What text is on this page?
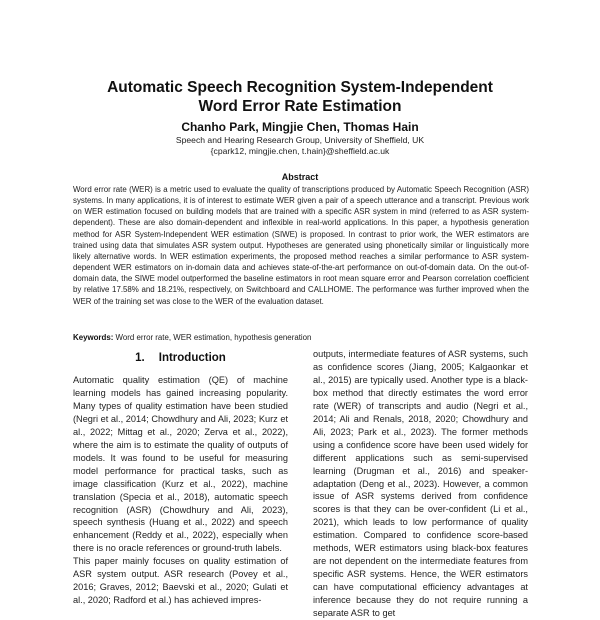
Automatic Speech Recognition System-Independent
Word Error Rate Estimation
Chanho Park, Mingjie Chen, Thomas Hain
Speech and Hearing Research Group, University of Sheffield, UK
{cpark12, mingjie.chen, t.hain}@sheffield.ac.uk
Abstract

Word error rate (WER) is a metric used to evaluate the quality of transcriptions produced by Automatic Speech Recognition (ASR) systems. In many applications, it is of interest to estimate WER given a pair of a speech utterance and a transcript. Previous work on WER estimation focused on building models that are trained with a specific ASR system in mind (referred to as ASR system-dependent). These are also domain-dependent and inflexible in real-world applications. In this paper, a hypothesis generation method for ASR System-Independent WER estimation (SIWE) is proposed. In contrast to prior work, the WER estimators are trained using data that simulates ASR system output. Hypotheses are generated using phonetically similar or linguistically more likely alternative words. In WER estimation experiments, the proposed method reaches a similar performance to ASR system-dependent WER estimators on in-domain data and achieves state-of-the-art performance on out-of-domain data. On the out-of-domain data, the SIWE model outperformed the baseline estimators in root mean square error and Pearson correlation coefficient by relative 17.58% and 18.21%, respectively, on Switchboard and CALLHOME. The performance was further improved when the WER of the training set was close to the WER of the evaluation dataset.

Keywords: Word error rate, WER estimation, hypothesis generation
1. Introduction

Automatic quality estimation (QE) of machine learning models has gained increasing popularity. Many types of quality estimation have been studied (Negri et al., 2014; Chowdhury and Ali, 2023; Kurz et al., 2022; Mittag et al., 2020; Zerva et al., 2022), where the aim is to estimate the quality of outputs of models. It was found to be useful for measuring model performance for practical tasks, such as image classification (Kurz et al., 2022), machine translation (Specia et al., 2018), automatic speech recognition (ASR) (Chowdhury and Ali, 2023), speech synthesis (Huang et al., 2022) and speech enhancement (Reddy et al., 2022), especially when there is no oracle references or ground-truth labels.

This paper mainly focuses on quality estimation of ASR system output. ASR research (Povey et al., 2016; Graves, 2012; Baevski et al., 2020; Gulati et al., 2020; Radford et al.) has achieved impres-

outputs, intermediate features of ASR systems, such as confidence scores (Jiang, 2005; Kalgaonkar et al., 2015) are typically used. Another type is a black-box method that directly estimates the word error rate (WER) of transcripts and audio (Negri et al., 2014; Ali and Renals, 2018, 2020; Chowdhury and Ali, 2023; Park et al., 2023). The former methods using a confidence score have been used widely for different applications such as semi-supervised learning (Drugman et al., 2016) and speaker-adaptation (Deng et al., 2023). However, a common issue of ASR systems derived from confidence scores is that they can be over-confident (Li et al., 2021), which leads to low performance of quality estimation. Compared to confidence score-based methods, WER estimators using black-box features are not dependent on the intermediate features from specific ASR systems. Hence, the WER estimators can have computational efficiency advantages at inference because they do not require running a separate ASR to get
